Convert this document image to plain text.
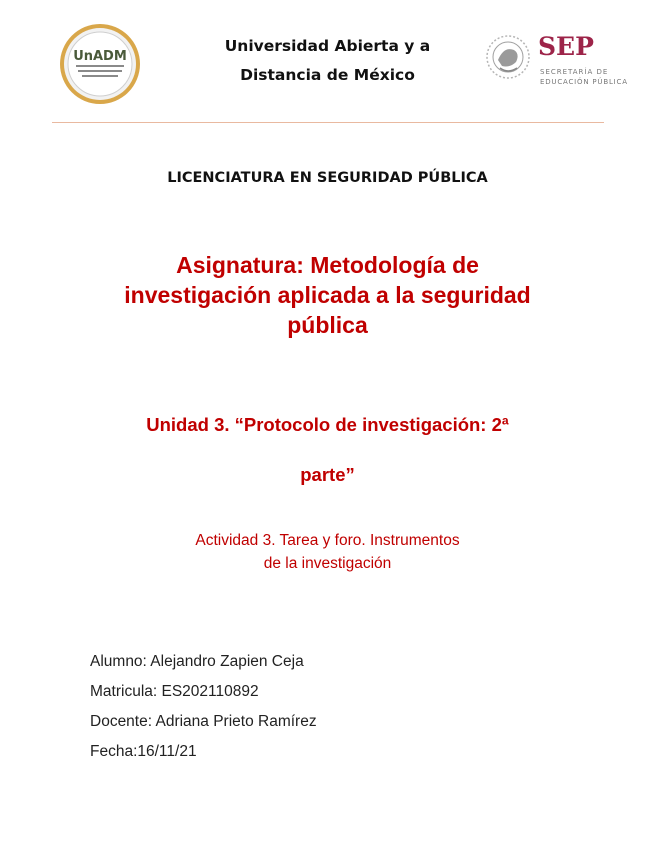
UnADM
Universidad Abierta y a
Distancia de México
SEP
SECRETARÍA DE
EDUCACIÓN PÚBLICA
LICENCIATURA EN SEGURIDAD PÚBLICA
Asignatura: Metodología de
investigación aplicada a la seguridad
pública
Unidad 3. “Protocolo de investigación: 2ª
parte”
Actividad 3. Tarea y foro. Instrumentos
de la investigación
Alumno: Alejandro Zapien Ceja
Matricula: ES202110892
Docente: Adriana Prieto Ramírez
Fecha:16/11/21
